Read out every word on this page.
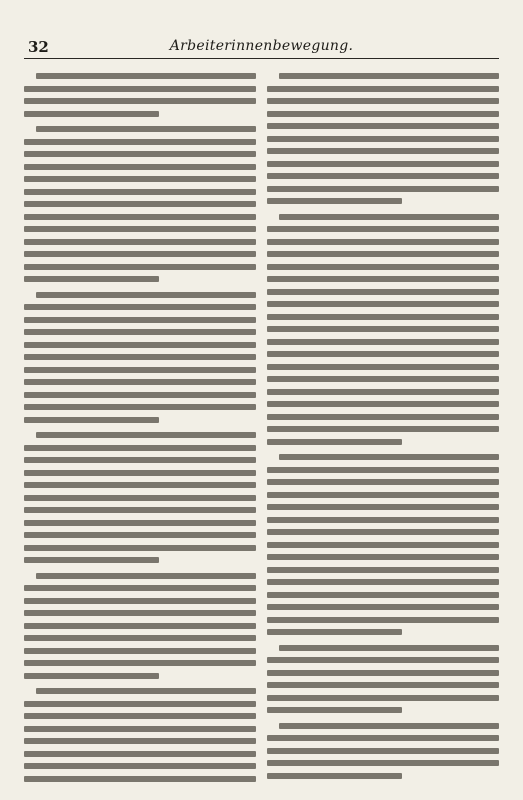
32	Arbeiterinnenbewegung.
